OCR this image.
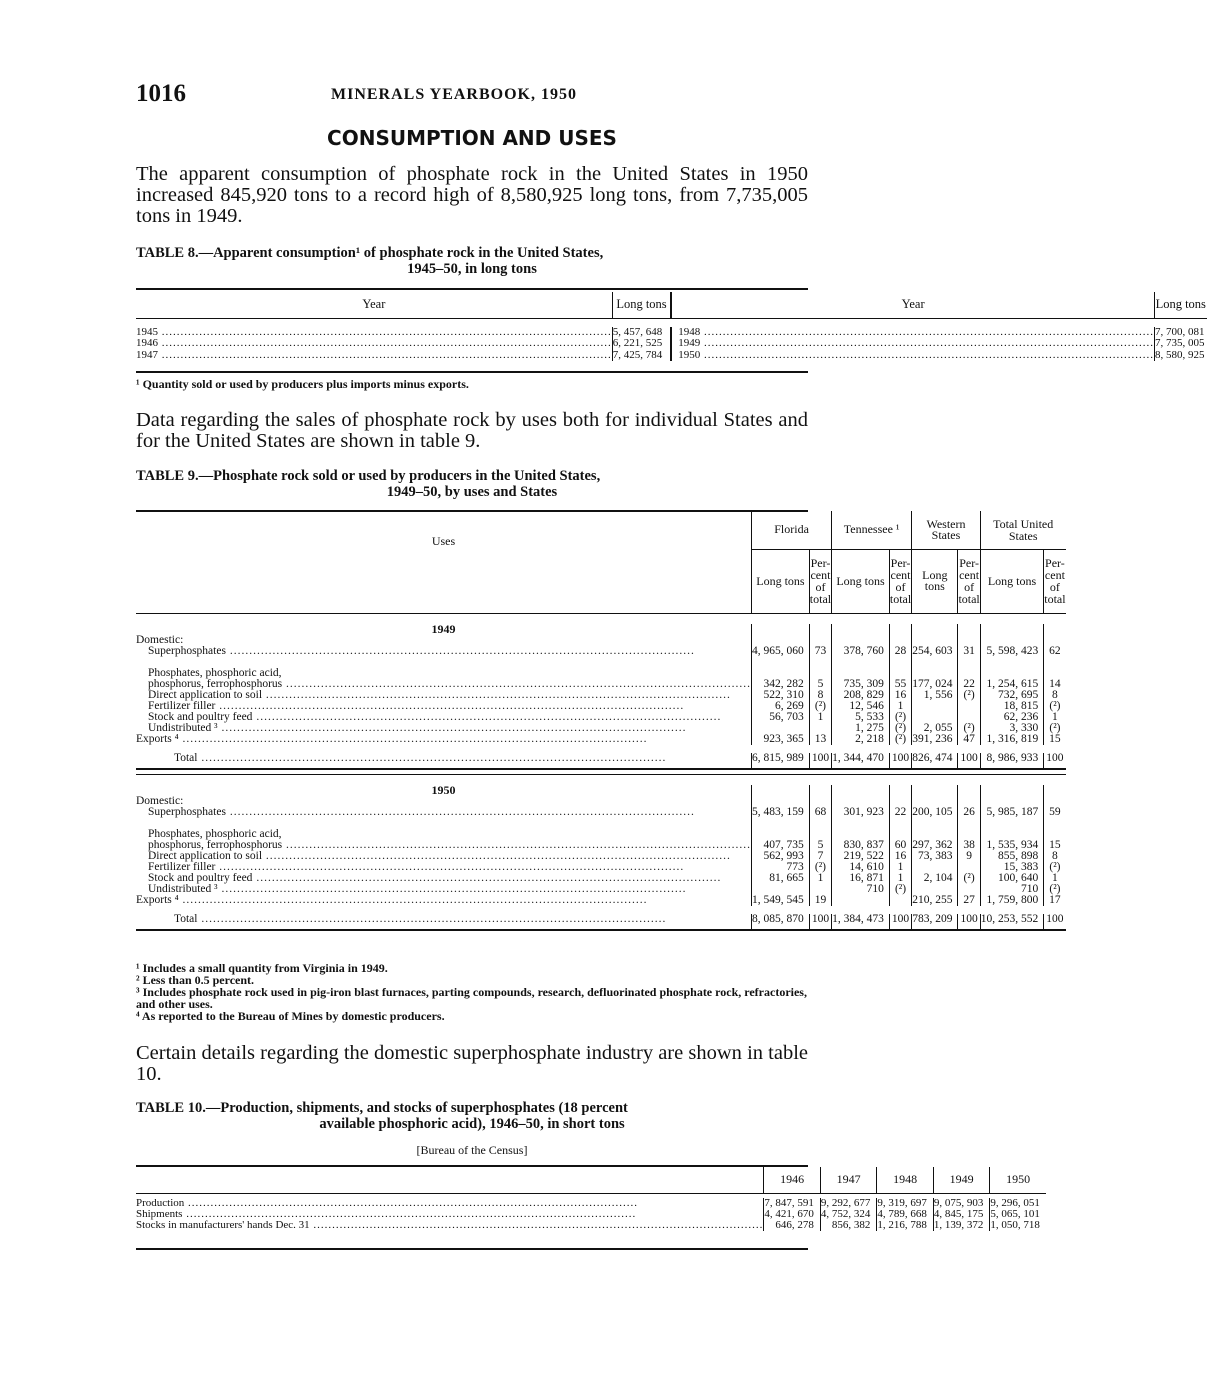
1016	MINERALS YEARBOOK, 1950
CONSUMPTION AND USES
The apparent consumption of phosphate rock in the United States in 1950 increased 845,920 tons to a record high of 8,580,925 long tons, from 7,735,005 tons in 1949.
TABLE 8.—Apparent consumption¹ of phosphate rock in the United States,
1945–50, in long tons
Year	Long tons		Year	Long tons

1945 .....	5, 457, 648		1948 .....	7, 700, 081
1946 .....	6, 221, 525		1949 .....	7, 735, 005
1947 .....	7, 425, 784		1950 .....	8, 580, 925
¹ Quantity sold or used by producers plus imports minus exports.
Data regarding the sales of phosphate rock by uses both for individual States and for the United States are shown in table 9.
TABLE 9.—Phosphate rock sold or used by producers in the United States,
1949–50, by uses and States
Uses	Florida		Tennessee ¹		Western States		Total United States	
	Long tons	Per- cent of total	Long tons	Per- cent of total	Long tons	Per- cent of total	Long tons	Per- cent of total

1949								
Domestic:								
Superphosphates .....	4, 965, 060	73	378, 760	28	254, 603	31	5, 598, 423	62
Phosphates, phosphoric acid,								
phosphorus, ferrophosphorus .....	342, 282	5	735, 309	55	177, 024	22	1, 254, 615	14
Direct application to soil .....	522, 310	8	208, 829	16	1, 556	(²)	732, 695	8
Fertilizer filler .....	6, 269	(²)	12, 546	1			18, 815	(²)
Stock and poultry feed .....	56, 703	1	5, 533	(²)			62, 236	1
Undistributed ³ .....			1, 275	(²)	2, 055	(²)	3, 330	(²)
Exports ⁴ .....	923, 365	13	2, 218	(²)	391, 236	47	1, 316, 819	15

Total .....	6, 815, 989	100	1, 344, 470	100	826, 474	100	8, 986, 933	100

1950								
Domestic:								
Superphosphates .....	5, 483, 159	68	301, 923	22	200, 105	26	5, 985, 187	59
Phosphates, phosphoric acid,								
phosphorus, ferrophosphorus .....	407, 735	5	830, 837	60	297, 362	38	1, 535, 934	15
Direct application to soil .....	562, 993	7	219, 522	16	73, 383	9	855, 898	8
Fertilizer filler .....	773	(²)	14, 610	1			15, 383	(²)
Stock and poultry feed .....	81, 665	1	16, 871	1	2, 104	(²)	100, 640	1
Undistributed ³ .....			710	(²)			710	(²)
Exports ⁴ .....	1, 549, 545	19			210, 255	27	1, 759, 800	17

Total .....	8, 085, 870	100	1, 384, 473	100	783, 209	100	10, 253, 552	100

¹ Includes a small quantity from Virginia in 1949.
² Less than 0.5 percent.
³ Includes phosphate rock used in pig-iron blast furnaces, parting compounds, research, defluorinated phosphate rock, refractories, and other uses.
⁴ As reported to the Bureau of Mines by domestic producers.
Certain details regarding the domestic superphosphate industry are shown in table 10.
TABLE 10.—Production, shipments, and stocks of superphosphates (18 percent
available phosphoric acid), 1946–50, in short tons
[Bureau of the Census]
	1946	1947	1948	1949	1950

Production .....	7, 847, 591	9, 292, 677	9, 319, 697	9, 075, 903	9, 296, 051
Shipments .....	4, 421, 670	4, 752, 324	4, 789, 668	4, 845, 175	5, 065, 101
Stocks in manufacturers' hands Dec. 31 .....	646, 278	856, 382	1, 216, 788	1, 139, 372	1, 050, 718
